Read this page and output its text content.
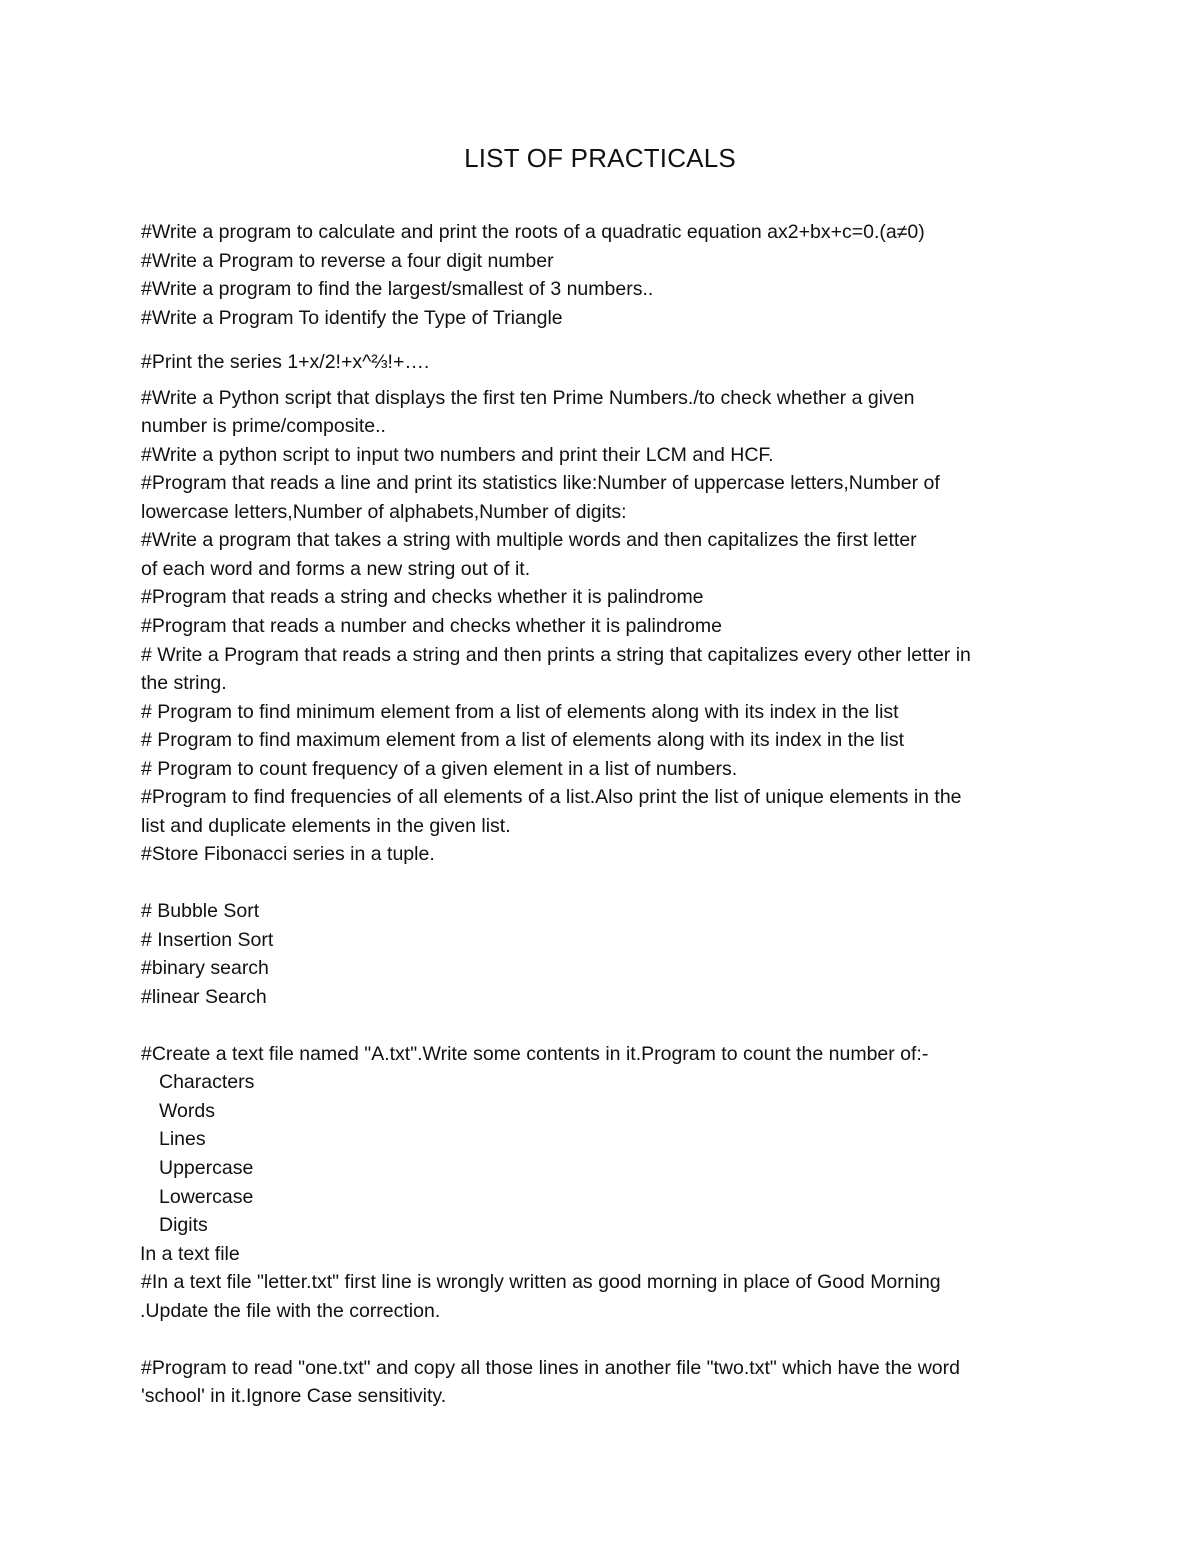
LIST OF PRACTICALS
#Write a program to calculate and print the roots of a quadratic equation ax2+bx+c=0.(a≠0)
#Write a Program to reverse a four digit number
#Write a program to find the largest/smallest of 3 numbers..
#Write a Program To identify the Type of Triangle
#Print the series 1+x/2!+x^⅔!+….
#Write a Python script that displays the first ten Prime Numbers./to check whether a given
number is prime/composite..
#Write a python script to input two numbers and print their LCM and HCF.
#Program that reads a line and print its statistics like:Number of uppercase letters,Number of
lowercase letters,Number of alphabets,Number of digits:
#Write a program that takes a string with multiple words and then capitalizes the first letter
of each word and forms a new string out of it.
#Program that reads a string and checks whether it is palindrome
#Program that reads a number and checks whether it is palindrome
# Write a Program that reads a string and then prints a string that capitalizes every other letter in
the string.
# Program to find minimum element from a list of elements along with its index in the list
# Program to find maximum element from a list of elements along with its index in the list
# Program to count frequency of a given element in a list of numbers.
#Program to find frequencies of all elements of a list.Also print the list of unique elements in the
list and duplicate elements in the given list.
#Store Fibonacci series in a tuple.
# Bubble Sort
# Insertion Sort
#binary search
#linear Search
#Create a text file named "A.txt".Write some contents in it.Program to count the number of:-
Characters
Words
Lines
Uppercase
Lowercase
Digits
In a text file
#In a text file "letter.txt" first line is wrongly written as good morning in place of Good Morning
.Update the file with the correction.
#Program to read "one.txt" and copy all those lines in another file "two.txt" which have the word
'school' in it.Ignore Case sensitivity.
